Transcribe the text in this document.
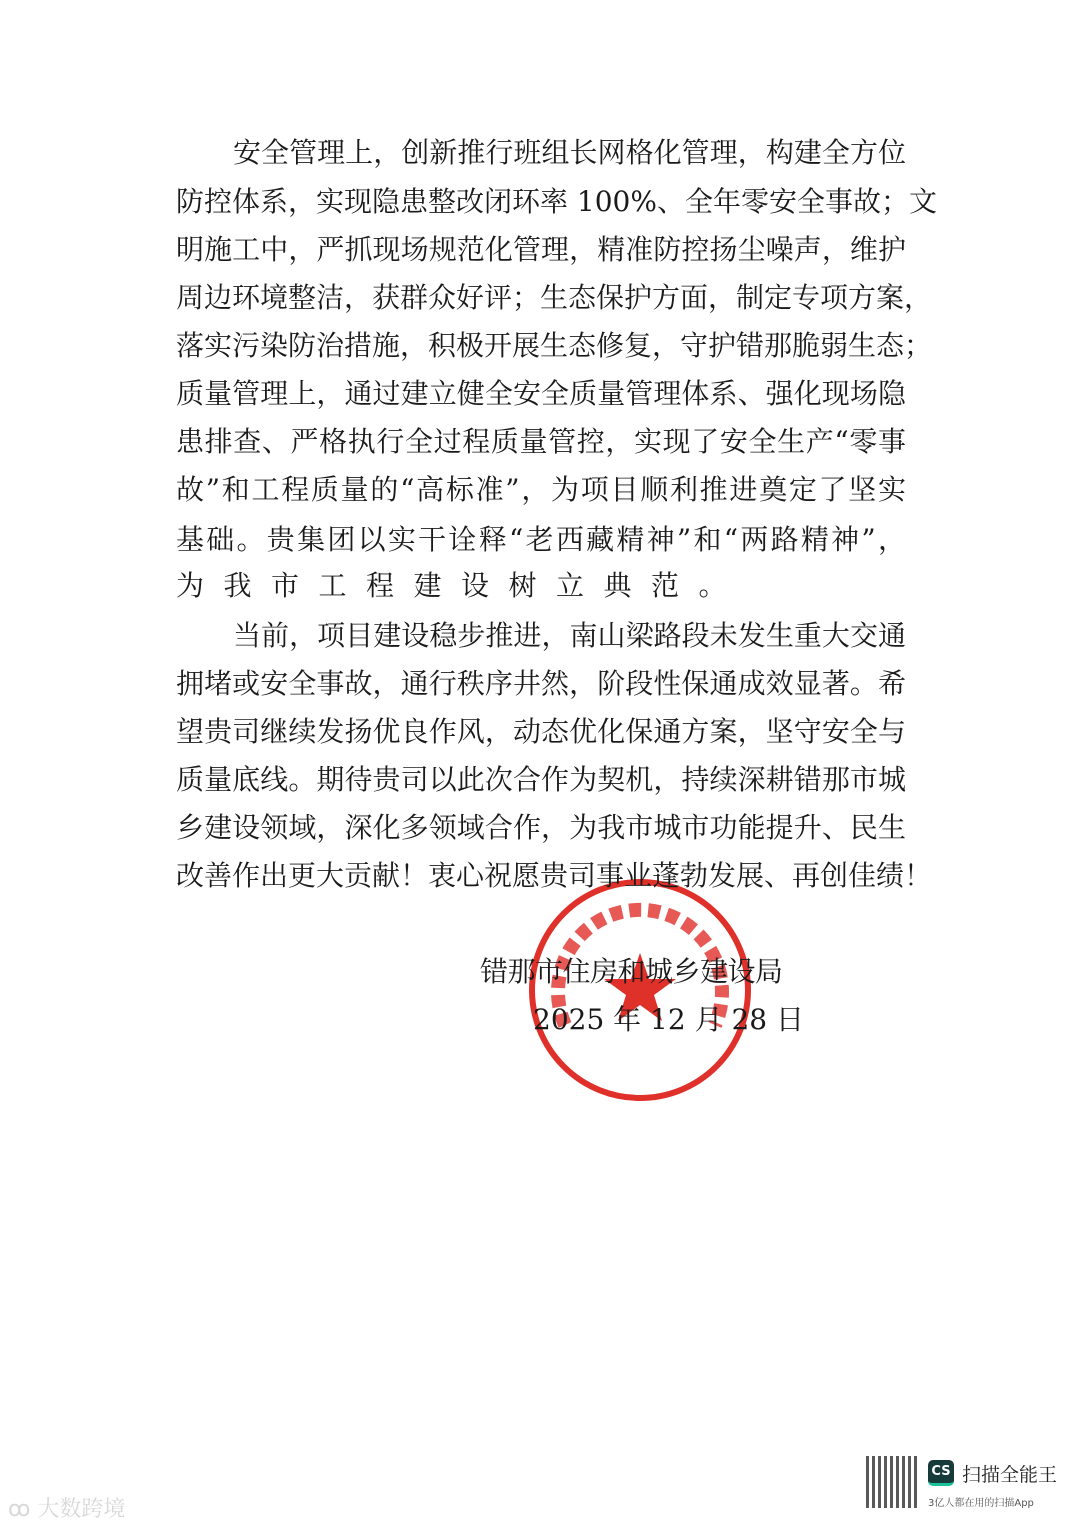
安全管理上，创新推行班组长网格化管理，构建全方位
防控体系，实现隐患整改闭环率 100%、全年零安全事故；文
明施工中，严抓现场规范化管理，精准防控扬尘噪声，维护
周边环境整洁，获群众好评；生态保护方面，制定专项方案，
落实污染防治措施，积极开展生态修复，守护错那脆弱生态；
质量管理上，通过建立健全安全质量管理体系、强化现场隐
患排查、严格执行全过程质量管控，实现了安全生产“零事
故”和工程质量的“高标准”，为项目顺利推进奠定了坚实
基础。贵集团以实干诠释“老西藏精神”和“两路精神”，
为我市工程建设树立典范。
当前，项目建设稳步推进，南山梁路段未发生重大交通
拥堵或安全事故，通行秩序井然，阶段性保通成效显著。希
望贵司继续发扬优良作风，动态优化保通方案，坚守安全与
质量底线。期待贵司以此次合作为契机，持续深耕错那市城
乡建设领域，深化多领域合作，为我市城市功能提升、民生
改善作出更大贡献！衷心祝愿贵司事业蓬勃发展、再创佳绩！
错那市住房和城乡建设局
2025 年 12 月 28 日
ꝏ 大数跨境
CS 扫描全能王
3亿人都在用的扫描App
